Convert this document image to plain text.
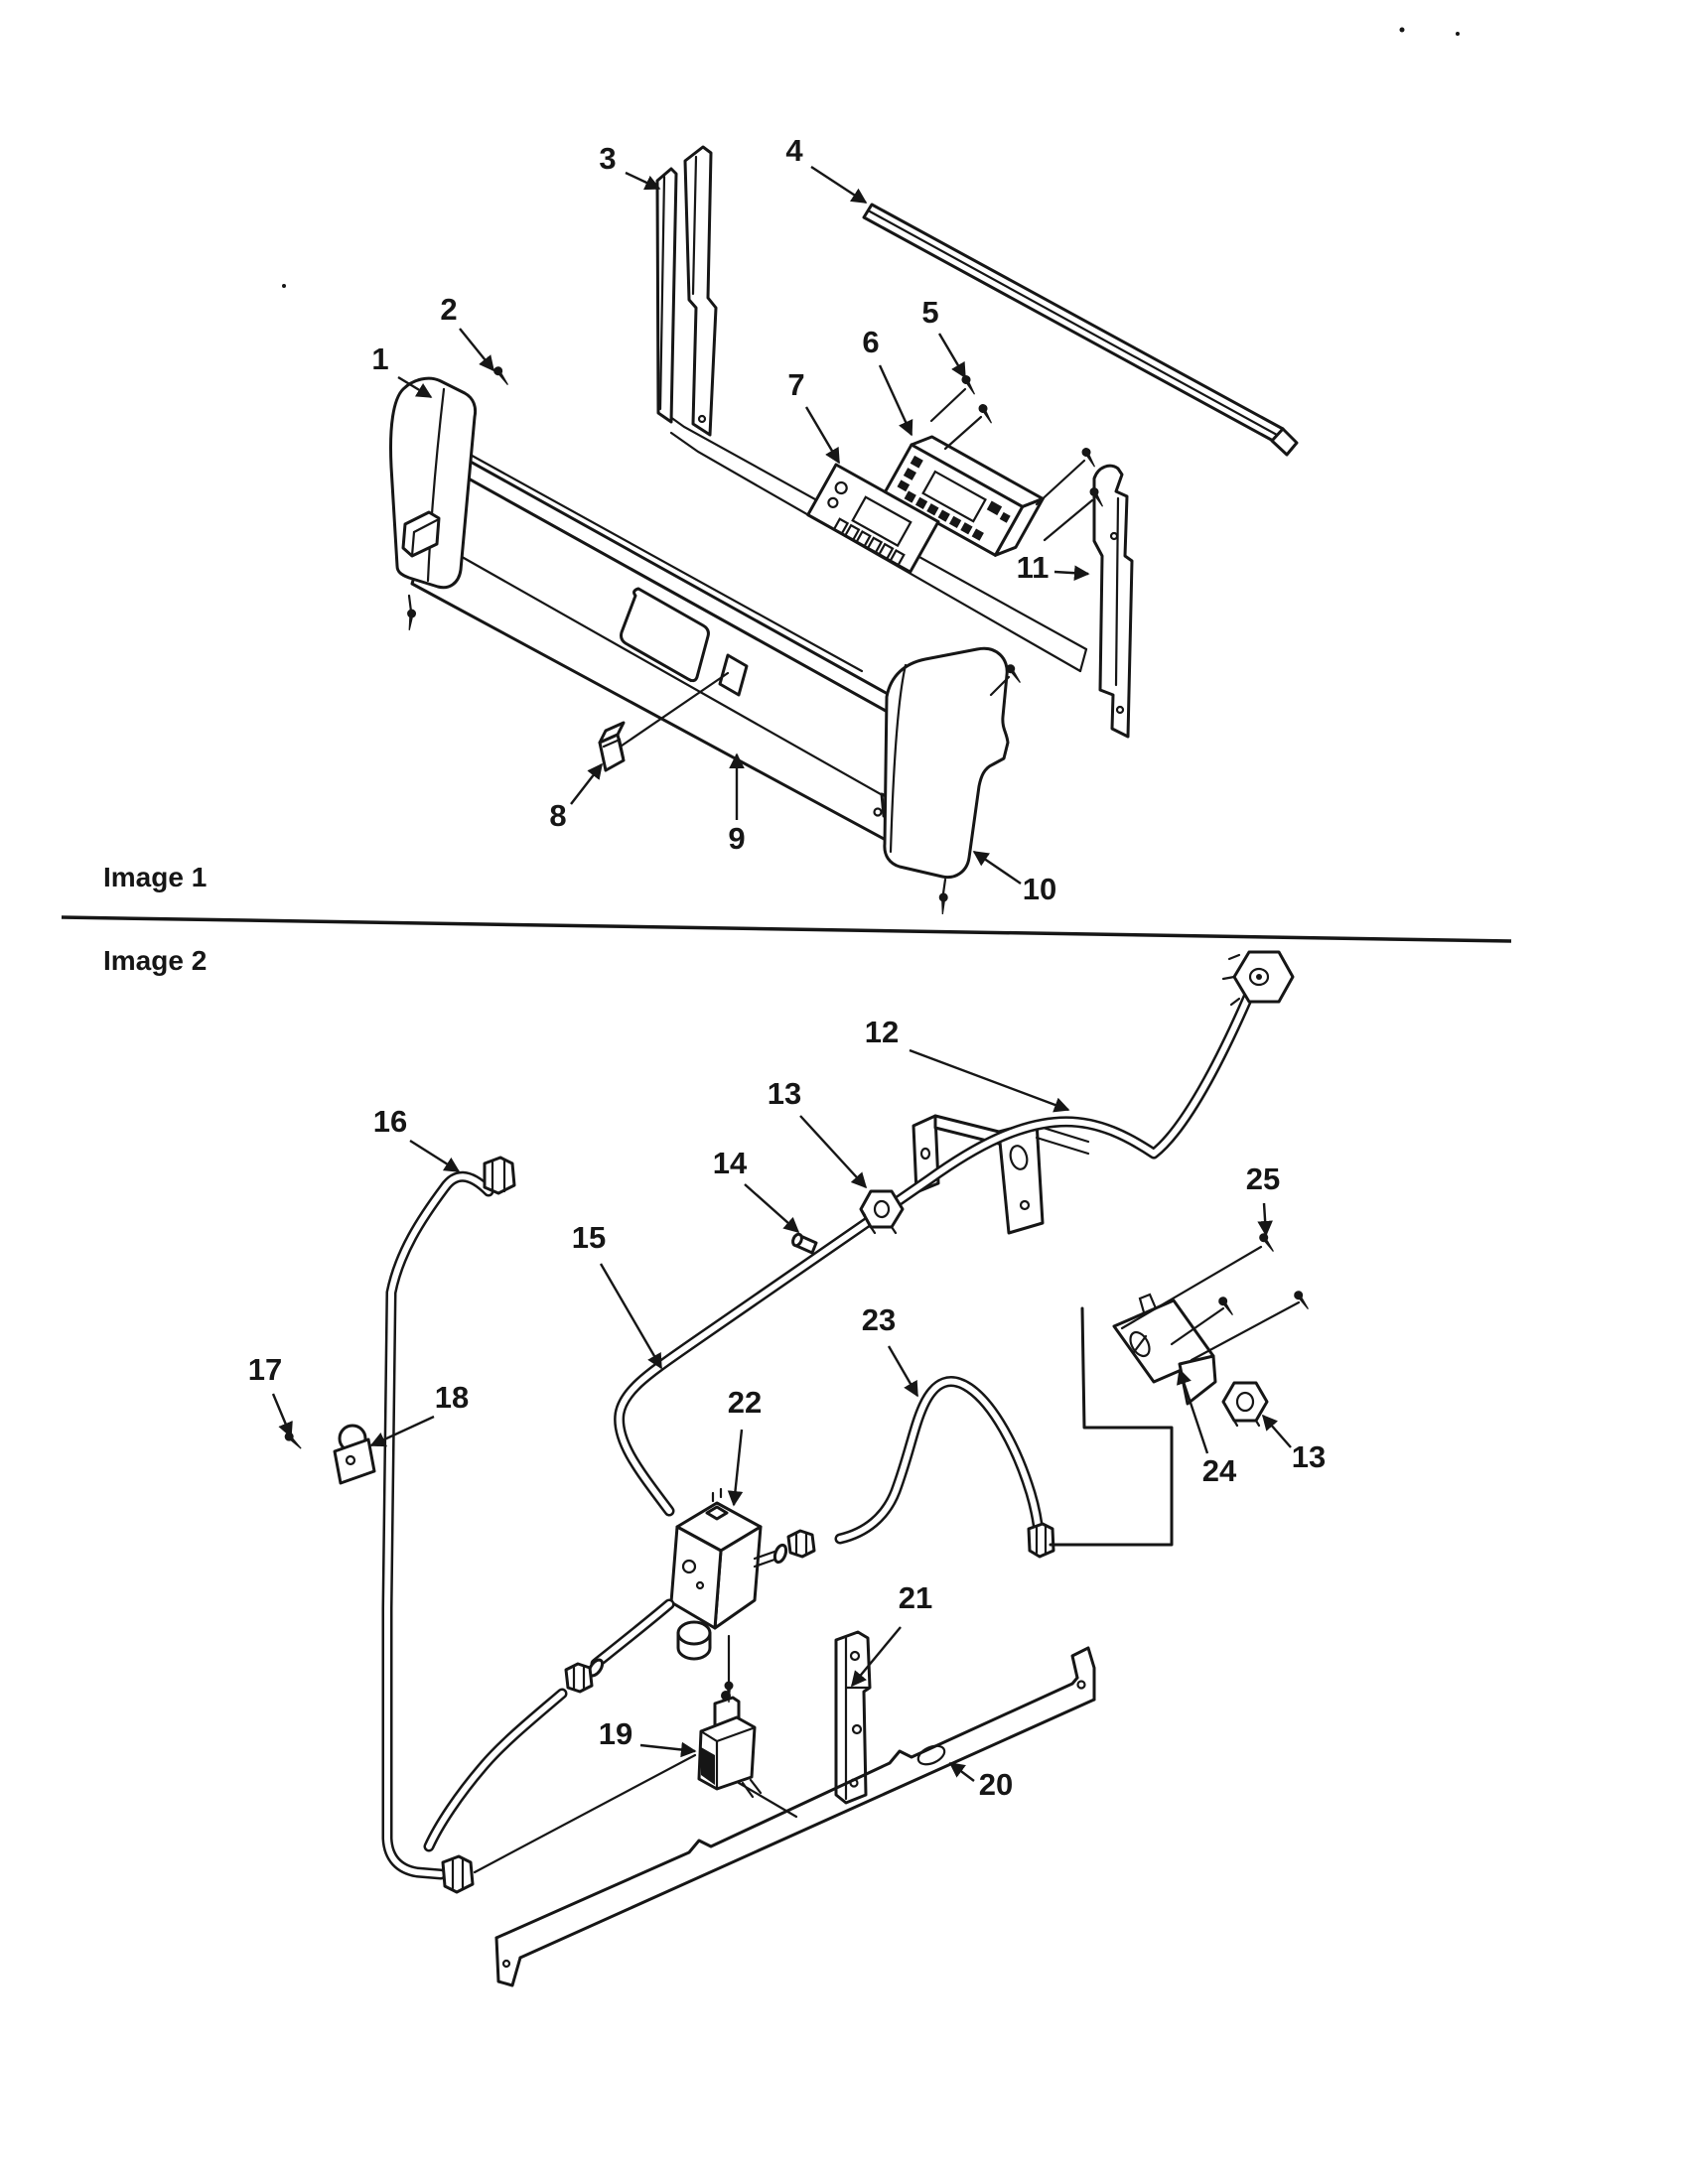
1
2
3	4
5
6
7
8
9
10
11
12
13
14
15
16
17
18
19
20
21
22
23
24
25
13
Image 1
Image 2
